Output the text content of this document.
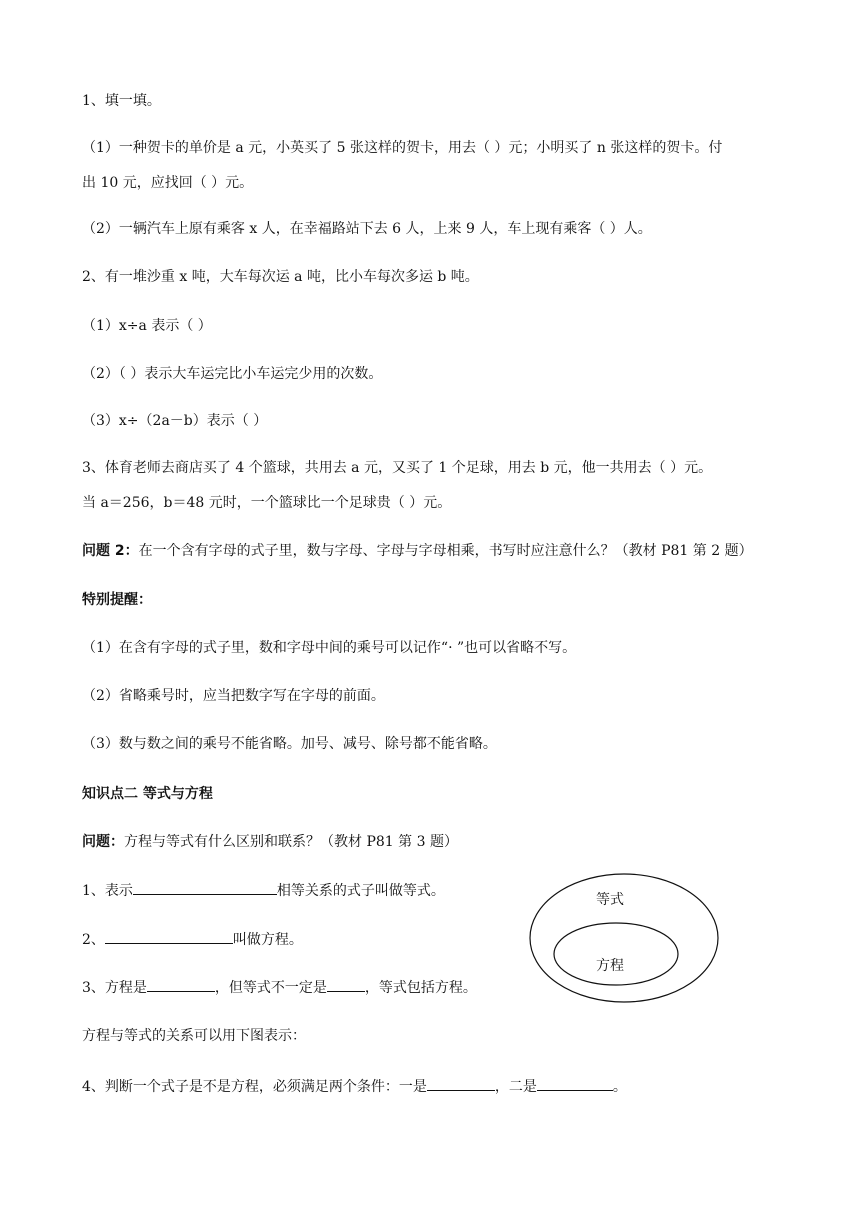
1、填一填。
（1）一种贺卡的单价是 a 元，小英买了 5 张这样的贺卡，用去（ ）元；小明买了 n 张这样的贺卡。付
出 10 元，应找回（ ）元。
（2）一辆汽车上原有乘客 x 人，在幸福路站下去 6 人，上来 9 人，车上现有乘客（ ）人。
2、有一堆沙重 x 吨，大车每次运 a 吨，比小车每次多运 b 吨。
（1）x÷a 表示（ ）
（2）（ ）表示大车运完比小车运完少用的次数。
（3）x÷（2a－b）表示（ ）
3、体育老师去商店买了 4 个篮球，共用去 a 元，又买了 1 个足球，用去 b 元，他一共用去（ ）元。
当 a＝256，b＝48 元时，一个篮球比一个足球贵（ ）元。
问题 2：在一个含有字母的式子里，数与字母、字母与字母相乘，书写时应注意什么？（教材 P81 第 2 题）
特别提醒：
（1）在含有字母的式子里，数和字母中间的乘号可以记作“· ”也可以省略不写。
（2）省略乘号时，应当把数字写在字母的前面。
（3）数与数之间的乘号不能省略。加号、减号、除号都不能省略。
知识点二 等式与方程
问题：方程与等式有什么区别和联系？（教材 P81 第 3 题）
1、表示	相等关系的式子叫做等式。
2、	叫做方程。
3、方程是	，但等式不一定是	，等式包括方程。
方程与等式的关系可以用下图表示：
4、判断一个式子是不是方程，必须满足两个条件：一是	，二是	。
等式
方程
